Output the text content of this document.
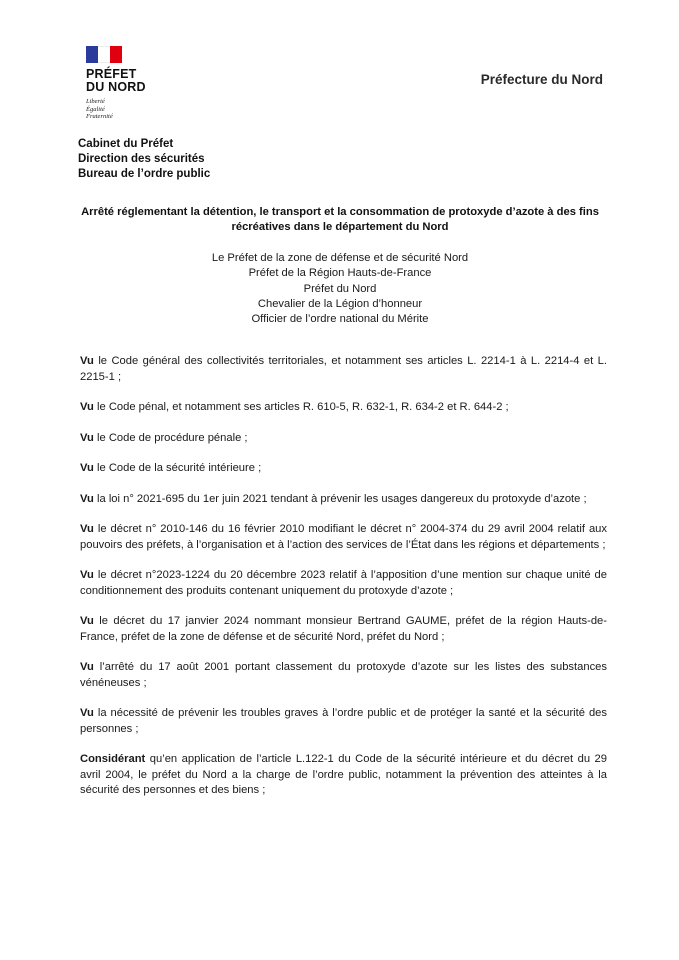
PRÉFET
DU NORD
Liberté
Égalité
Fraternité
Préfecture du Nord
Cabinet du Préfet
Direction des sécurités
Bureau de l’ordre public
Arrêté réglementant la détention, le transport et la consommation de protoxyde d’azote à des fins
récréatives dans le département du Nord
Le Préfet de la zone de défense et de sécurité Nord
Préfet de la Région Hauts-de-France
Préfet du Nord
Chevalier de la Légion d’honneur
Officier de l’ordre national du Mérite

Vu le Code général des collectivités territoriales, et notamment ses articles L. 2214-1 à L. 2214-4 et L. 2215-1 ;

Vu le Code pénal, et notamment ses articles R. 610-5, R. 632-1, R. 634-2 et R. 644-2 ;

Vu le Code de procédure pénale ;

Vu le Code de la sécurité intérieure ;

Vu la loi n° 2021-695 du 1er juin 2021 tendant à prévenir les usages dangereux du protoxyde d’azote ;

Vu le décret n° 2010-146 du 16 février 2010 modifiant le décret n° 2004-374 du 29 avril 2004 relatif aux pouvoirs des préfets, à l’organisation et à l’action des services de l’État dans les régions et départements ;

Vu le décret n°2023-1224 du 20 décembre 2023 relatif à l’apposition d’une mention sur chaque unité de conditionnement des produits contenant uniquement du protoxyde d’azote ;

Vu le décret du 17 janvier 2024 nommant monsieur Bertrand GAUME, préfet de la région Hauts-de-France, préfet de la zone de défense et de sécurité Nord, préfet du Nord ;

Vu l’arrêté du 17 août 2001 portant classement du protoxyde d’azote sur les listes des substances vénéneuses ;

Vu la nécessité de prévenir les troubles graves à l’ordre public et de protéger la santé et la sécurité des personnes ;

Considérant qu’en application de l’article L.122-1 du Code de la sécurité intérieure et du décret du 29 avril 2004, le préfet du Nord a la charge de l’ordre public, notamment la prévention des atteintes à la sécurité des personnes et des biens ;
